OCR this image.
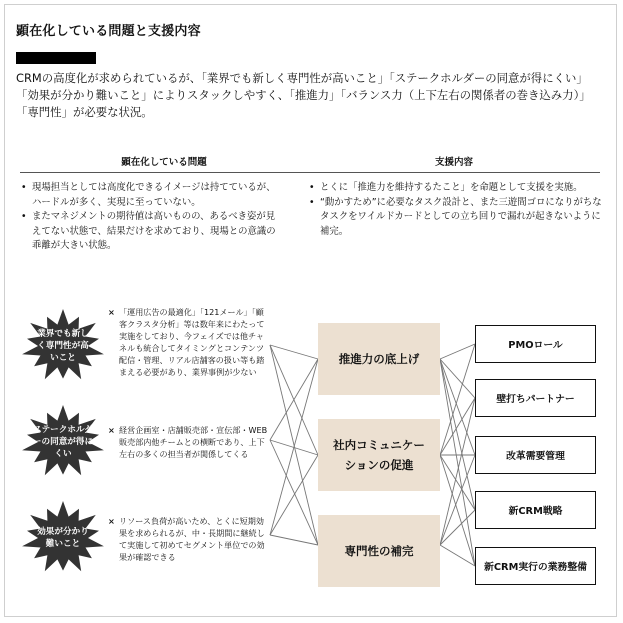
顕在化している問題と支援内容
CRMの高度化が求められているが、「業界でも新しく専門性が高いこと」「ステークホルダーの同意が得にくい」「効果が分かり難いこと」によりスタックしやすく、「推進力」「バランス力（上下左右の関係者の巻き込み力）」「専門性」が必要な状況。
顕在化している問題
• 現場担当としては高度化できるイメージは持てているが、ハードルが多く、実現に至っていない。
• またマネジメントの期待値は高いものの、あるべき姿が見えてない状態で、結果だけを求めており、現場との意識の乖離が大きい状態。
支援内容
• とくに「推進力を維持するたこと」を命題として支援を実施。
• “動かすため”に必要なタスク設計と、また三遊間ゴロになりがちなタスクをワイルドカードとしての立ち回りで漏れが起きないように補完。
業界でも新しく専門性が高いこと
ステークホルダーの同意が得にくい
効果が分かり難いこと
× 「運用広告の最適化」「121メール」「顧客クラスタ分析」等は数年来にわたって実施をしており、今フェイズでは他チャネルも統合してタイミングとコンテンツ配信・管理、リアル店舗客の扱い等も踏まえる必要があり、業界事例が少ない
× 経営企画室・店舗販売部・宣伝部・WEB販売部内他チームとの横断であり、上下左右の多くの担当者が関係してくる
× リソース負荷が高いため、とくに短期効果を求められるが、中・長期間に継続して実施して初めてセグメント単位での効果が確認できる
推進力の底上げ
社内コミュニケーションの促進
専門性の補完
PMOロール
壁打ちパートナー
改革需要管理
新CRM戦略
新CRM実行の業務整備
